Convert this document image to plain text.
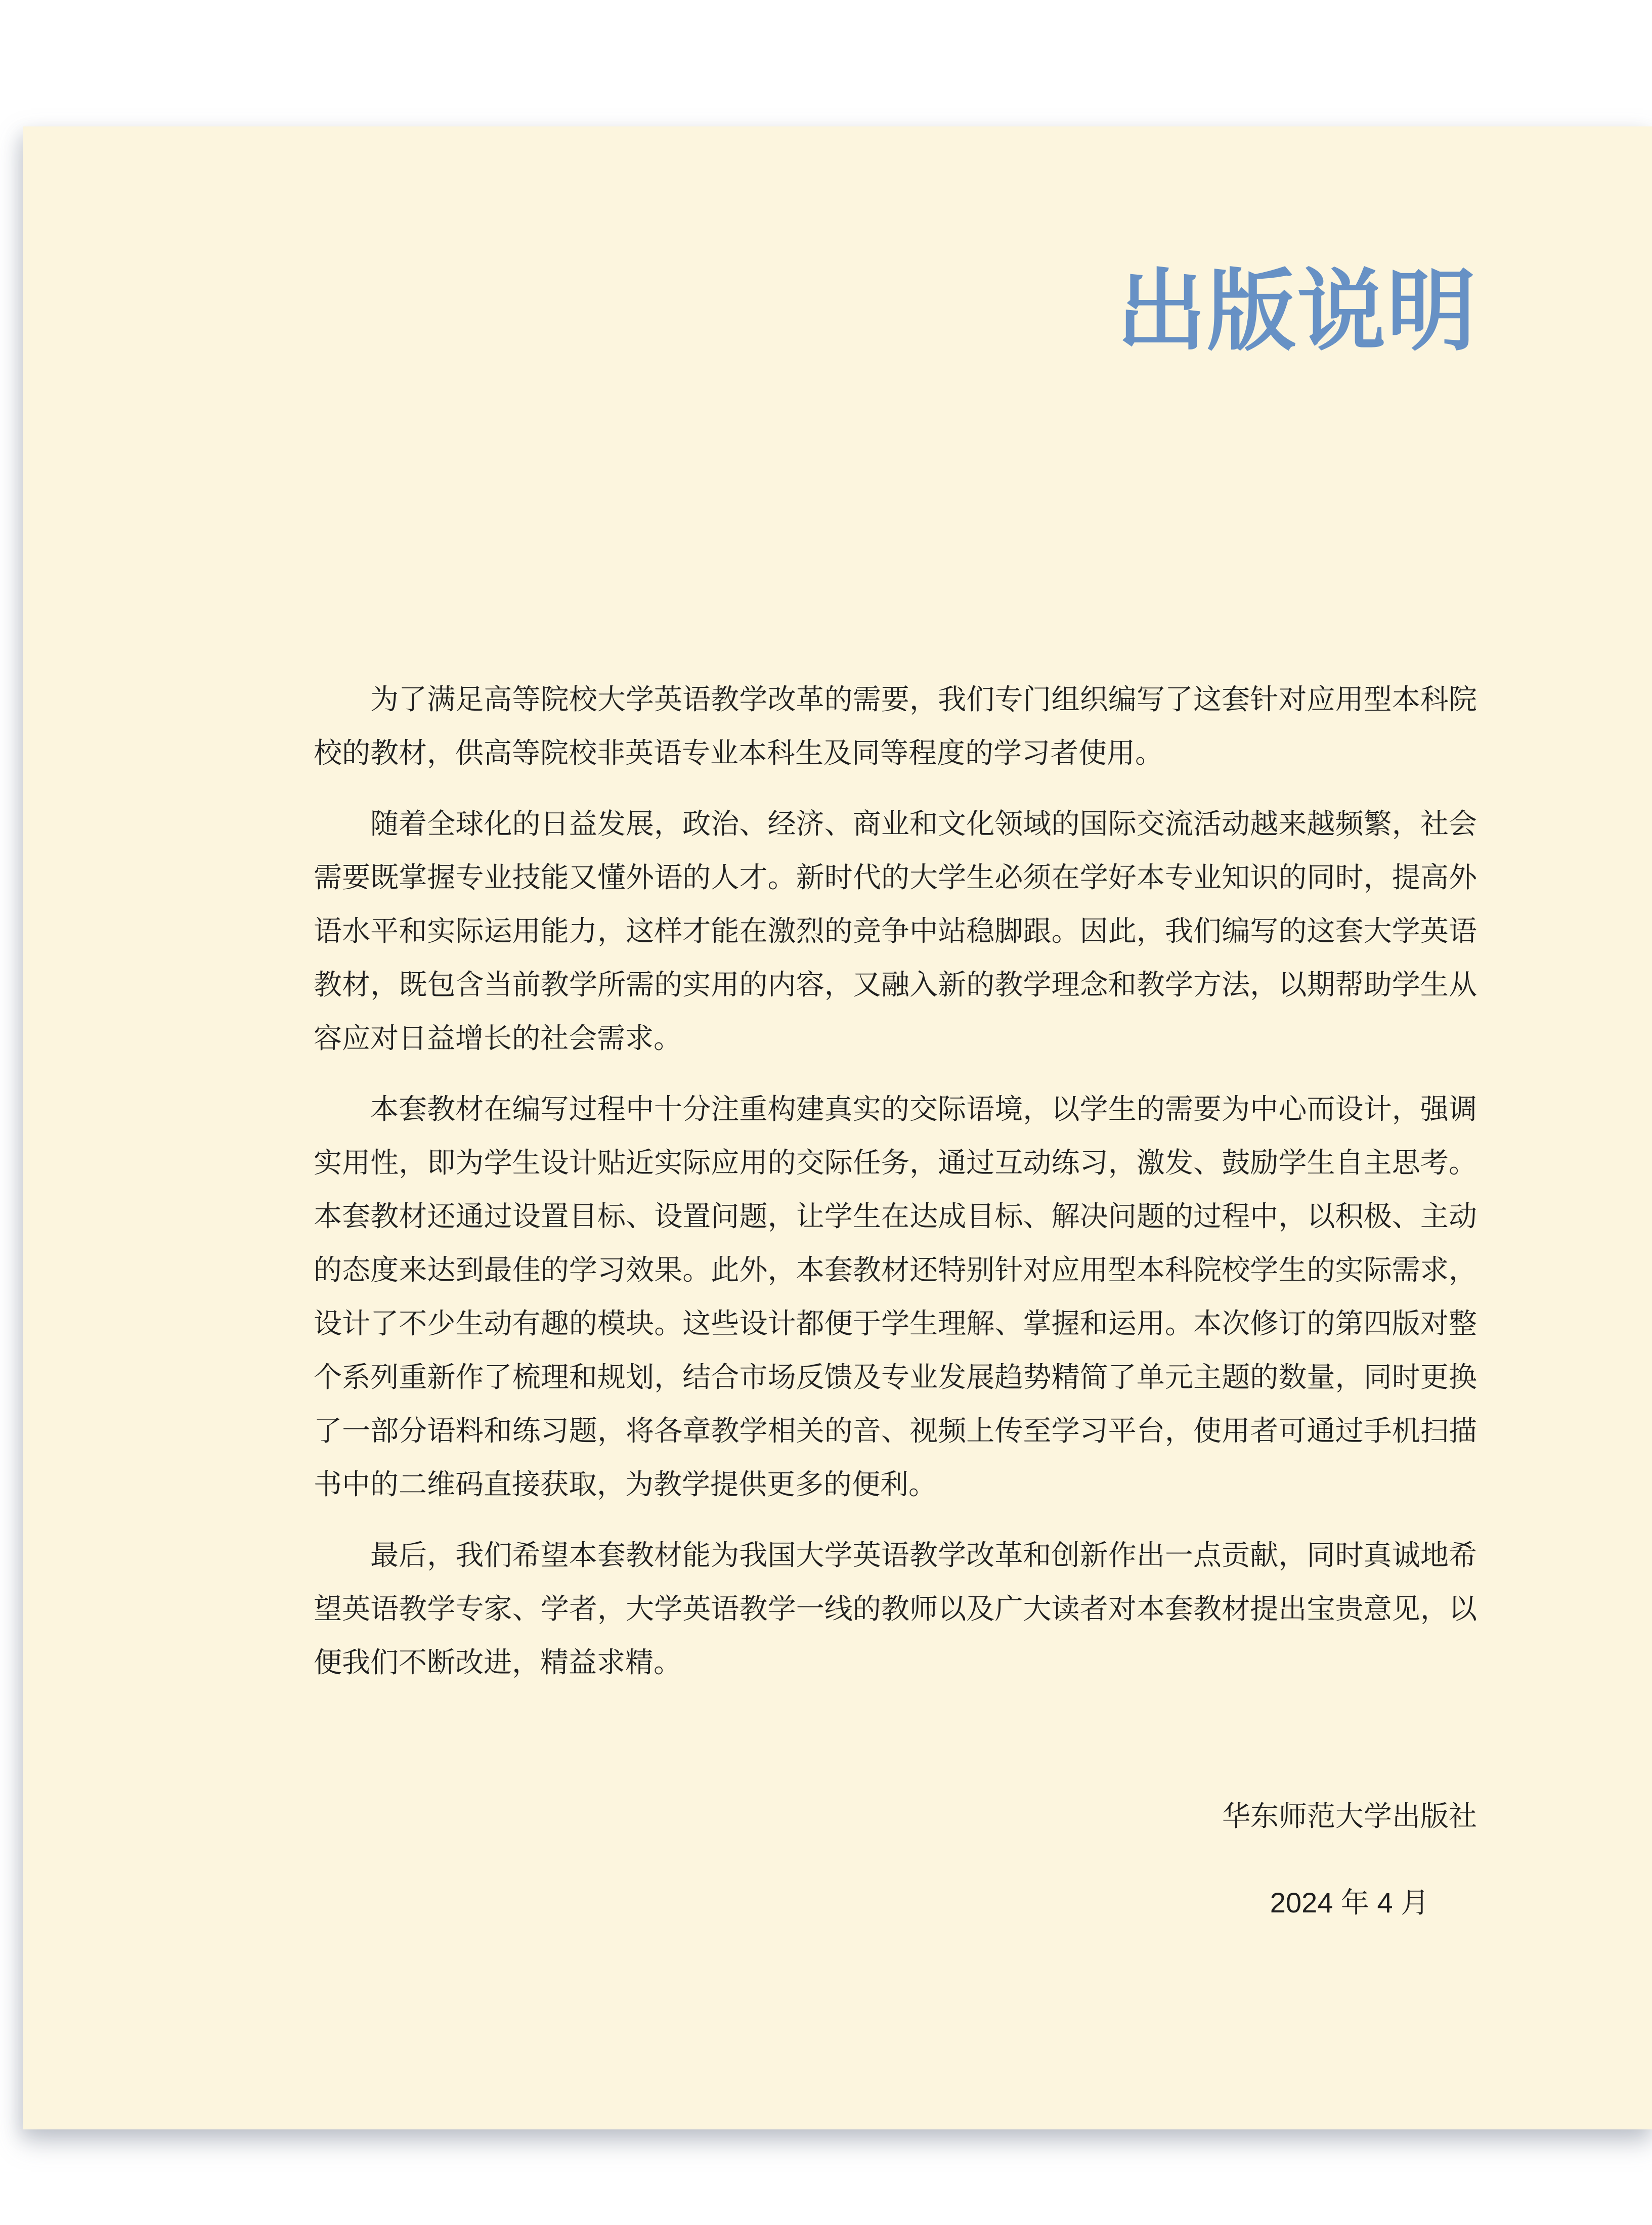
出版说明

为了满足高等院校大学英语教学改革的需要，我们专门组织编写了这套针对应用型本科院校的教材，供高等院校非英语专业本科生及同等程度的学习者使用。

随着全球化的日益发展，政治、经济、商业和文化领域的国际交流活动越来越频繁，社会需要既掌握专业技能又懂外语的人才。新时代的大学生必须在学好本专业知识的同时，提高外语水平和实际运用能力，这样才能在激烈的竞争中站稳脚跟。因此，我们编写的这套大学英语教材，既包含当前教学所需的实用的内容，又融入新的教学理念和教学方法，以期帮助学生从容应对日益增长的社会需求。

本套教材在编写过程中十分注重构建真实的交际语境，以学生的需要为中心而设计，强调实用性，即为学生设计贴近实际应用的交际任务，通过互动练习，激发、鼓励学生自主思考。本套教材还通过设置目标、设置问题，让学生在达成目标、解决问题的过程中，以积极、主动的态度来达到最佳的学习效果。此外，本套教材还特别针对应用型本科院校学生的实际需求，设计了不少生动有趣的模块。这些设计都便于学生理解、掌握和运用。本次修订的第四版对整个系列重新作了梳理和规划，结合市场反馈及专业发展趋势精简了单元主题的数量，同时更换了一部分语料和练习题，将各章教学相关的音、视频上传至学习平台，使用者可通过手机扫描书中的二维码直接获取，为教学提供更多的便利。

最后，我们希望本套教材能为我国大学英语教学改革和创新作出一点贡献，同时真诚地希望英语教学专家、学者，大学英语教学一线的教师以及广大读者对本套教材提出宝贵意见，以便我们不断改进，精益求精。

华东师范大学出版社
2024 年 4 月
